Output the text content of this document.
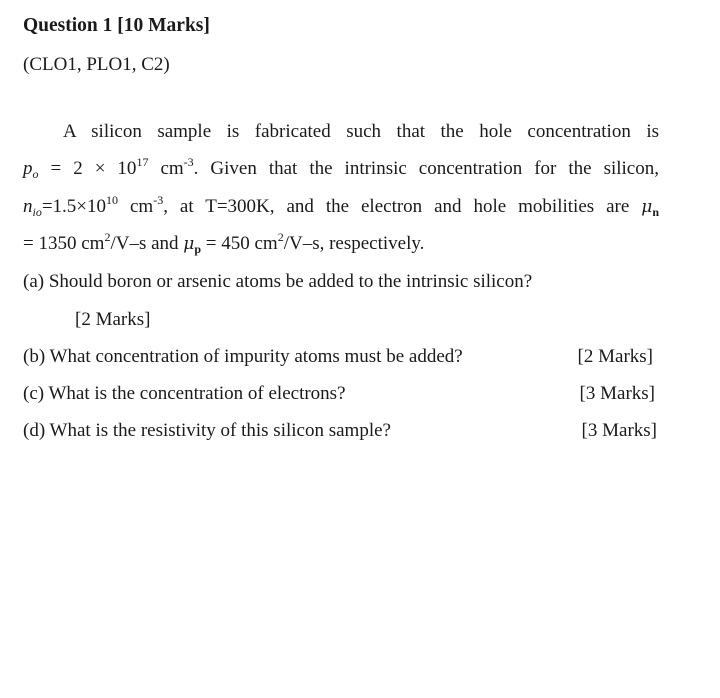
Question 1 [10 Marks]
(CLO1, PLO1, C2)
A silicon sample is fabricated such that the hole concentration is
$p_o = 2 \times 10^{17}$ $cm^{-3}$. Given that the intrinsic concentration for the silicon,
$n_{io}=1.5\times 10^{10}$ $cm^{-3}$, at T=300K, and the electron and hole mobilities are $\mu_n$
= 1350 $cm^2/V-s$ and $\mu_p = 450$ $cm^2/V-s$, respectively.
(a) Should boron or arsenic atoms be added to the intrinsic silicon?
[2 Marks]
(b) What concentration of impurity atoms must be added?	[2 Marks]
(c) What is the concentration of electrons?	[3 Marks]
(d) What is the resistivity of this silicon sample?	[3 Marks]
